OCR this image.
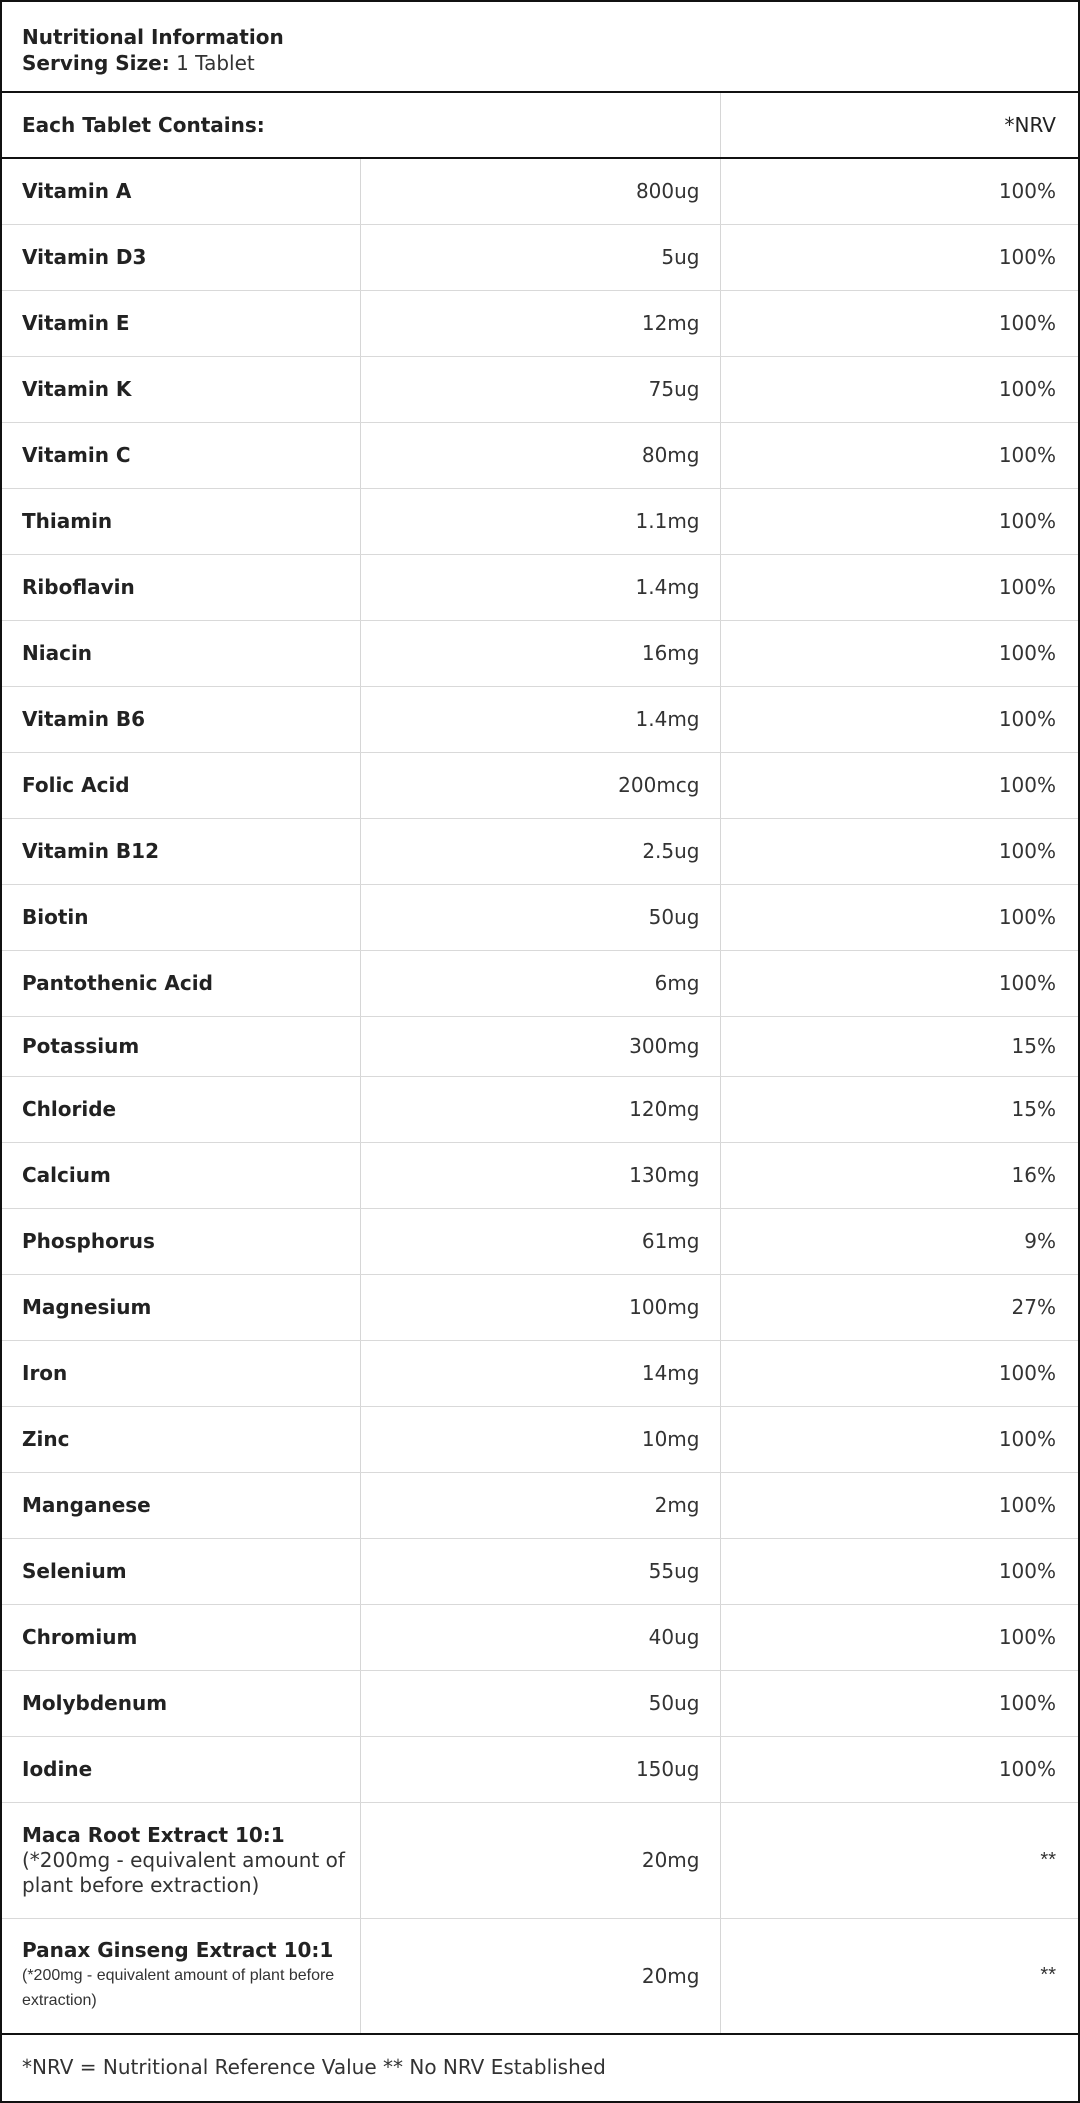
Nutritional Information
Serving Size: 1 Tablet
Each Tablet Contains:		*NRV

Vitamin A	800ug	100%

Vitamin D3	5ug	100%

Vitamin E	12mg	100%

Vitamin K	75ug	100%

Vitamin C	80mg	100%

Thiamin	1.1mg	100%

Riboflavin	1.4mg	100%

Niacin	16mg	100%

Vitamin B6	1.4mg	100%

Folic Acid	200mcg	100%

Vitamin B12	2.5ug	100%

Biotin	50ug	100%

Pantothenic Acid	6mg	100%

Potassium	300mg	15%

Chloride	120mg	15%

Calcium	130mg	16%

Phosphorus	61mg	9%

Magnesium	100mg	27%

Iron	14mg	100%

Zinc	10mg	100%

Manganese	2mg	100%

Selenium	55ug	100%

Chromium	40ug	100%

Molybdenum	50ug	100%

Iodine	150ug	100%

Maca Root Extract 10:1
(*200mg - equivalent amount of plant before extraction)	20mg	**

Panax Ginseng Extract 10:1
(*200mg - equivalent amount of plant before extraction)	20mg	**
*NRV = Nutritional Reference Value ** No NRV Established
